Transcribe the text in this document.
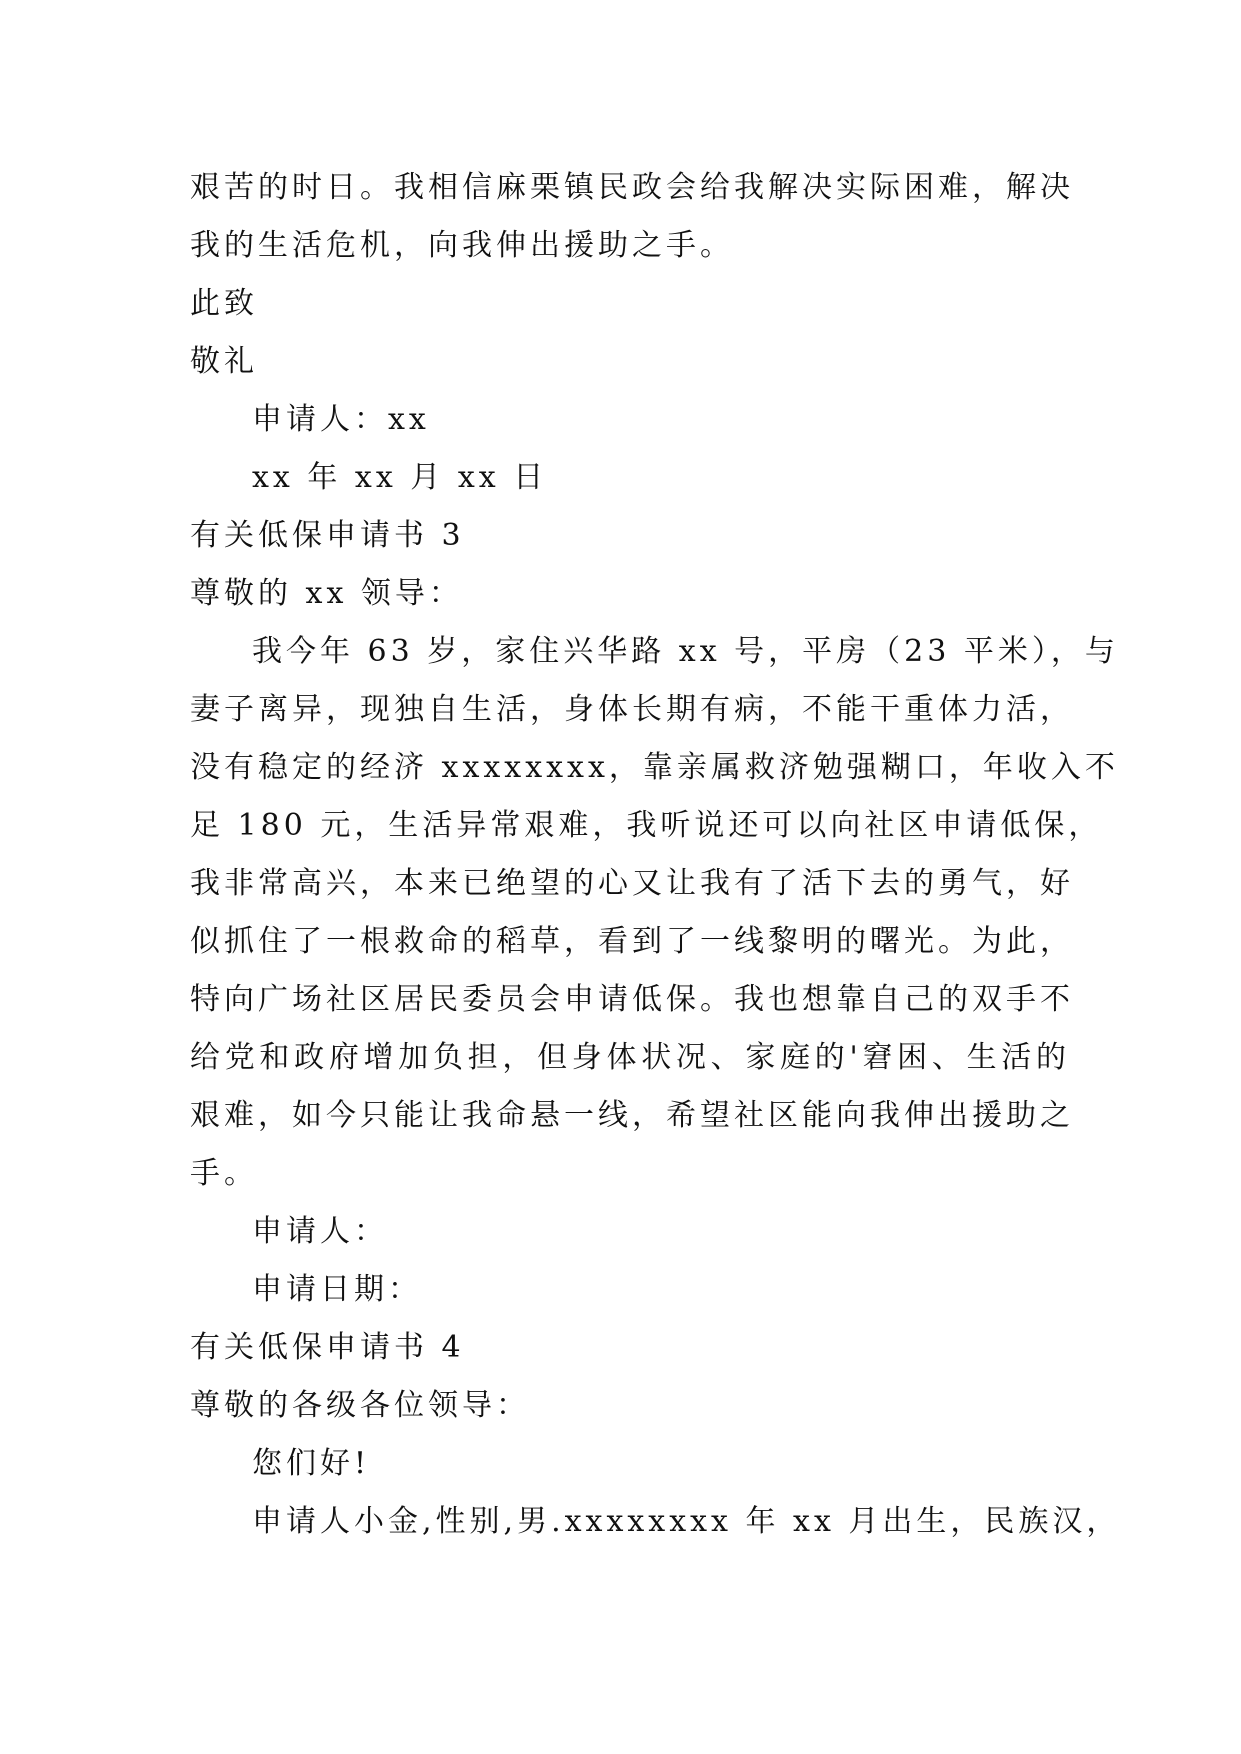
艰苦的时日。我相信麻栗镇民政会给我解决实际困难，解决
我的生活危机，向我伸出援助之手。
此致
敬礼
申请人：xx
xx 年 xx 月 xx 日
有关低保申请书 3
尊敬的 xx 领导：
我今年 63 岁，家住兴华路 xx 号，平房（23 平米），与
妻子离异，现独自生活，身体长期有病，不能干重体力活，
没有稳定的经济 xxxxxxxx，靠亲属救济勉强糊口，年收入不
足 180 元，生活异常艰难，我听说还可以向社区申请低保，
我非常高兴，本来已绝望的心又让我有了活下去的勇气，好
似抓住了一根救命的稻草，看到了一线黎明的曙光。为此，
特向广场社区居民委员会申请低保。我也想靠自己的双手不
给党和政府增加负担，但身体状况、家庭的'窘困、生活的
艰难，如今只能让我命悬一线，希望社区能向我伸出援助之
手。
申请人：
申请日期：
有关低保申请书 4
尊敬的各级各位领导：
您们好!
申请人小金,性别,男.xxxxxxxx 年 xx 月出生，民族汉，
